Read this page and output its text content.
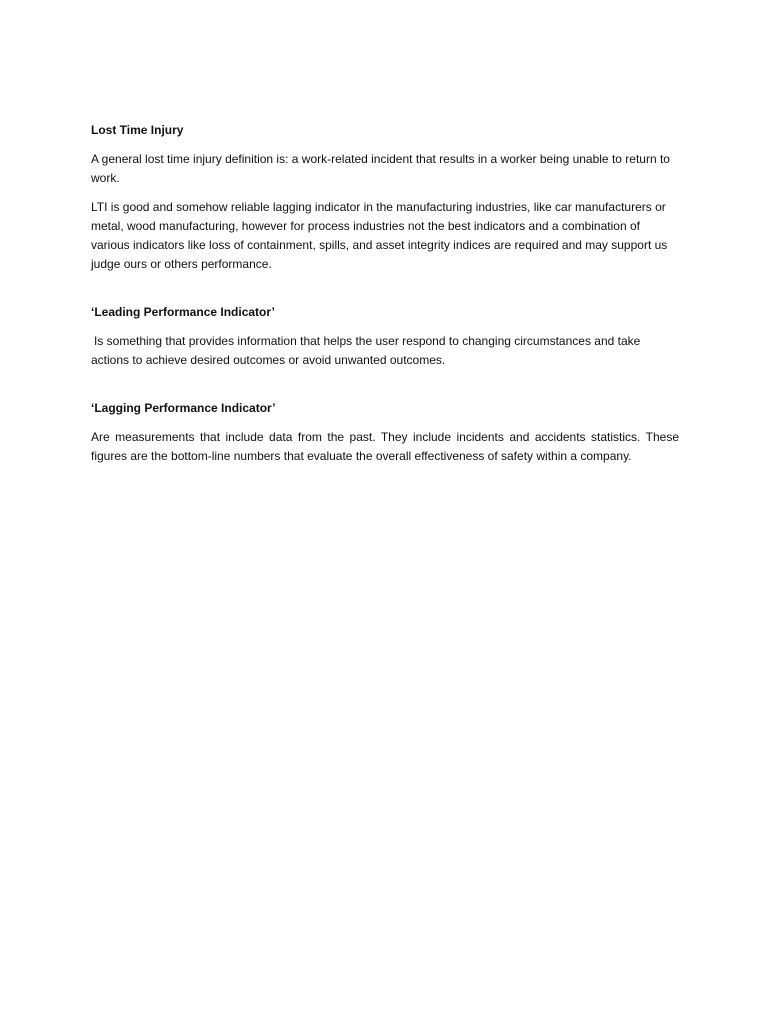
Lost Time Injury
A general lost time injury definition is: a work-related incident that results in a worker being unable to return to work.
LTI is good and somehow reliable lagging indicator in the manufacturing industries, like car manufacturers or metal, wood manufacturing, however for process industries not the best indicators and a combination of various indicators like loss of containment, spills, and asset integrity indices are required and may support us judge ours or others performance.
‘Leading Performance Indicator’
Is something that provides information that helps the user respond to changing circumstances and take actions to achieve desired outcomes or avoid unwanted outcomes.
‘Lagging Performance Indicator’
Are measurements that include data from the past. They include incidents and accidents statistics. These figures are the bottom-line numbers that evaluate the overall effectiveness of safety within a company.
